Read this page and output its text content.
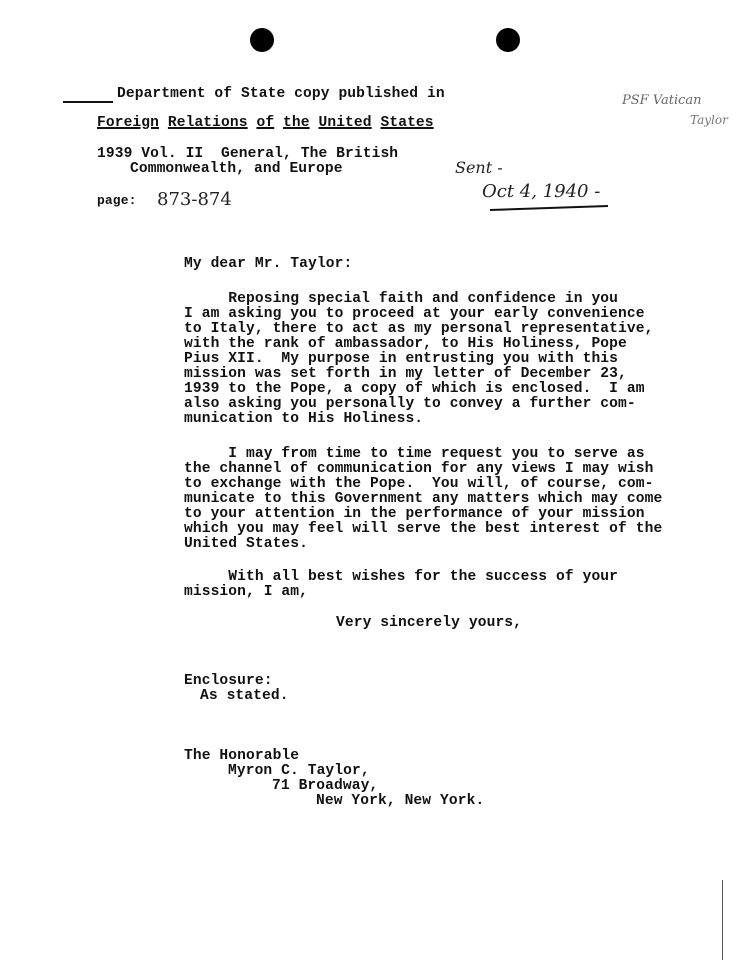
Department of State copy published in
Foreign Relations of the United States
1939 Vol. II  General, The British
Commonwealth, and Europe
page: 873-874
Sent -
Oct 4, 1940 -
PSF Vatican
Taylor
My dear Mr. Taylor:
Reposing special faith and confidence in you
I am asking you to proceed at your early convenience
to Italy, there to act as my personal representative,
with the rank of ambassador, to His Holiness, Pope
Pius XII.  My purpose in entrusting you with this
mission was set forth in my letter of December 23,
1939 to the Pope, a copy of which is enclosed.  I am
also asking you personally to convey a further com-
munication to His Holiness.
I may from time to time request you to serve as
the channel of communication for any views I may wish
to exchange with the Pope.  You will, of course, com-
municate to this Government any matters which may come
to your attention in the performance of your mission
which you may feel will serve the best interest of the
United States.
With all best wishes for the success of your
mission, I am,
Very sincerely yours,
Enclosure:
As stated.
The Honorable
Myron C. Taylor,
71 Broadway,
New York, New York.
